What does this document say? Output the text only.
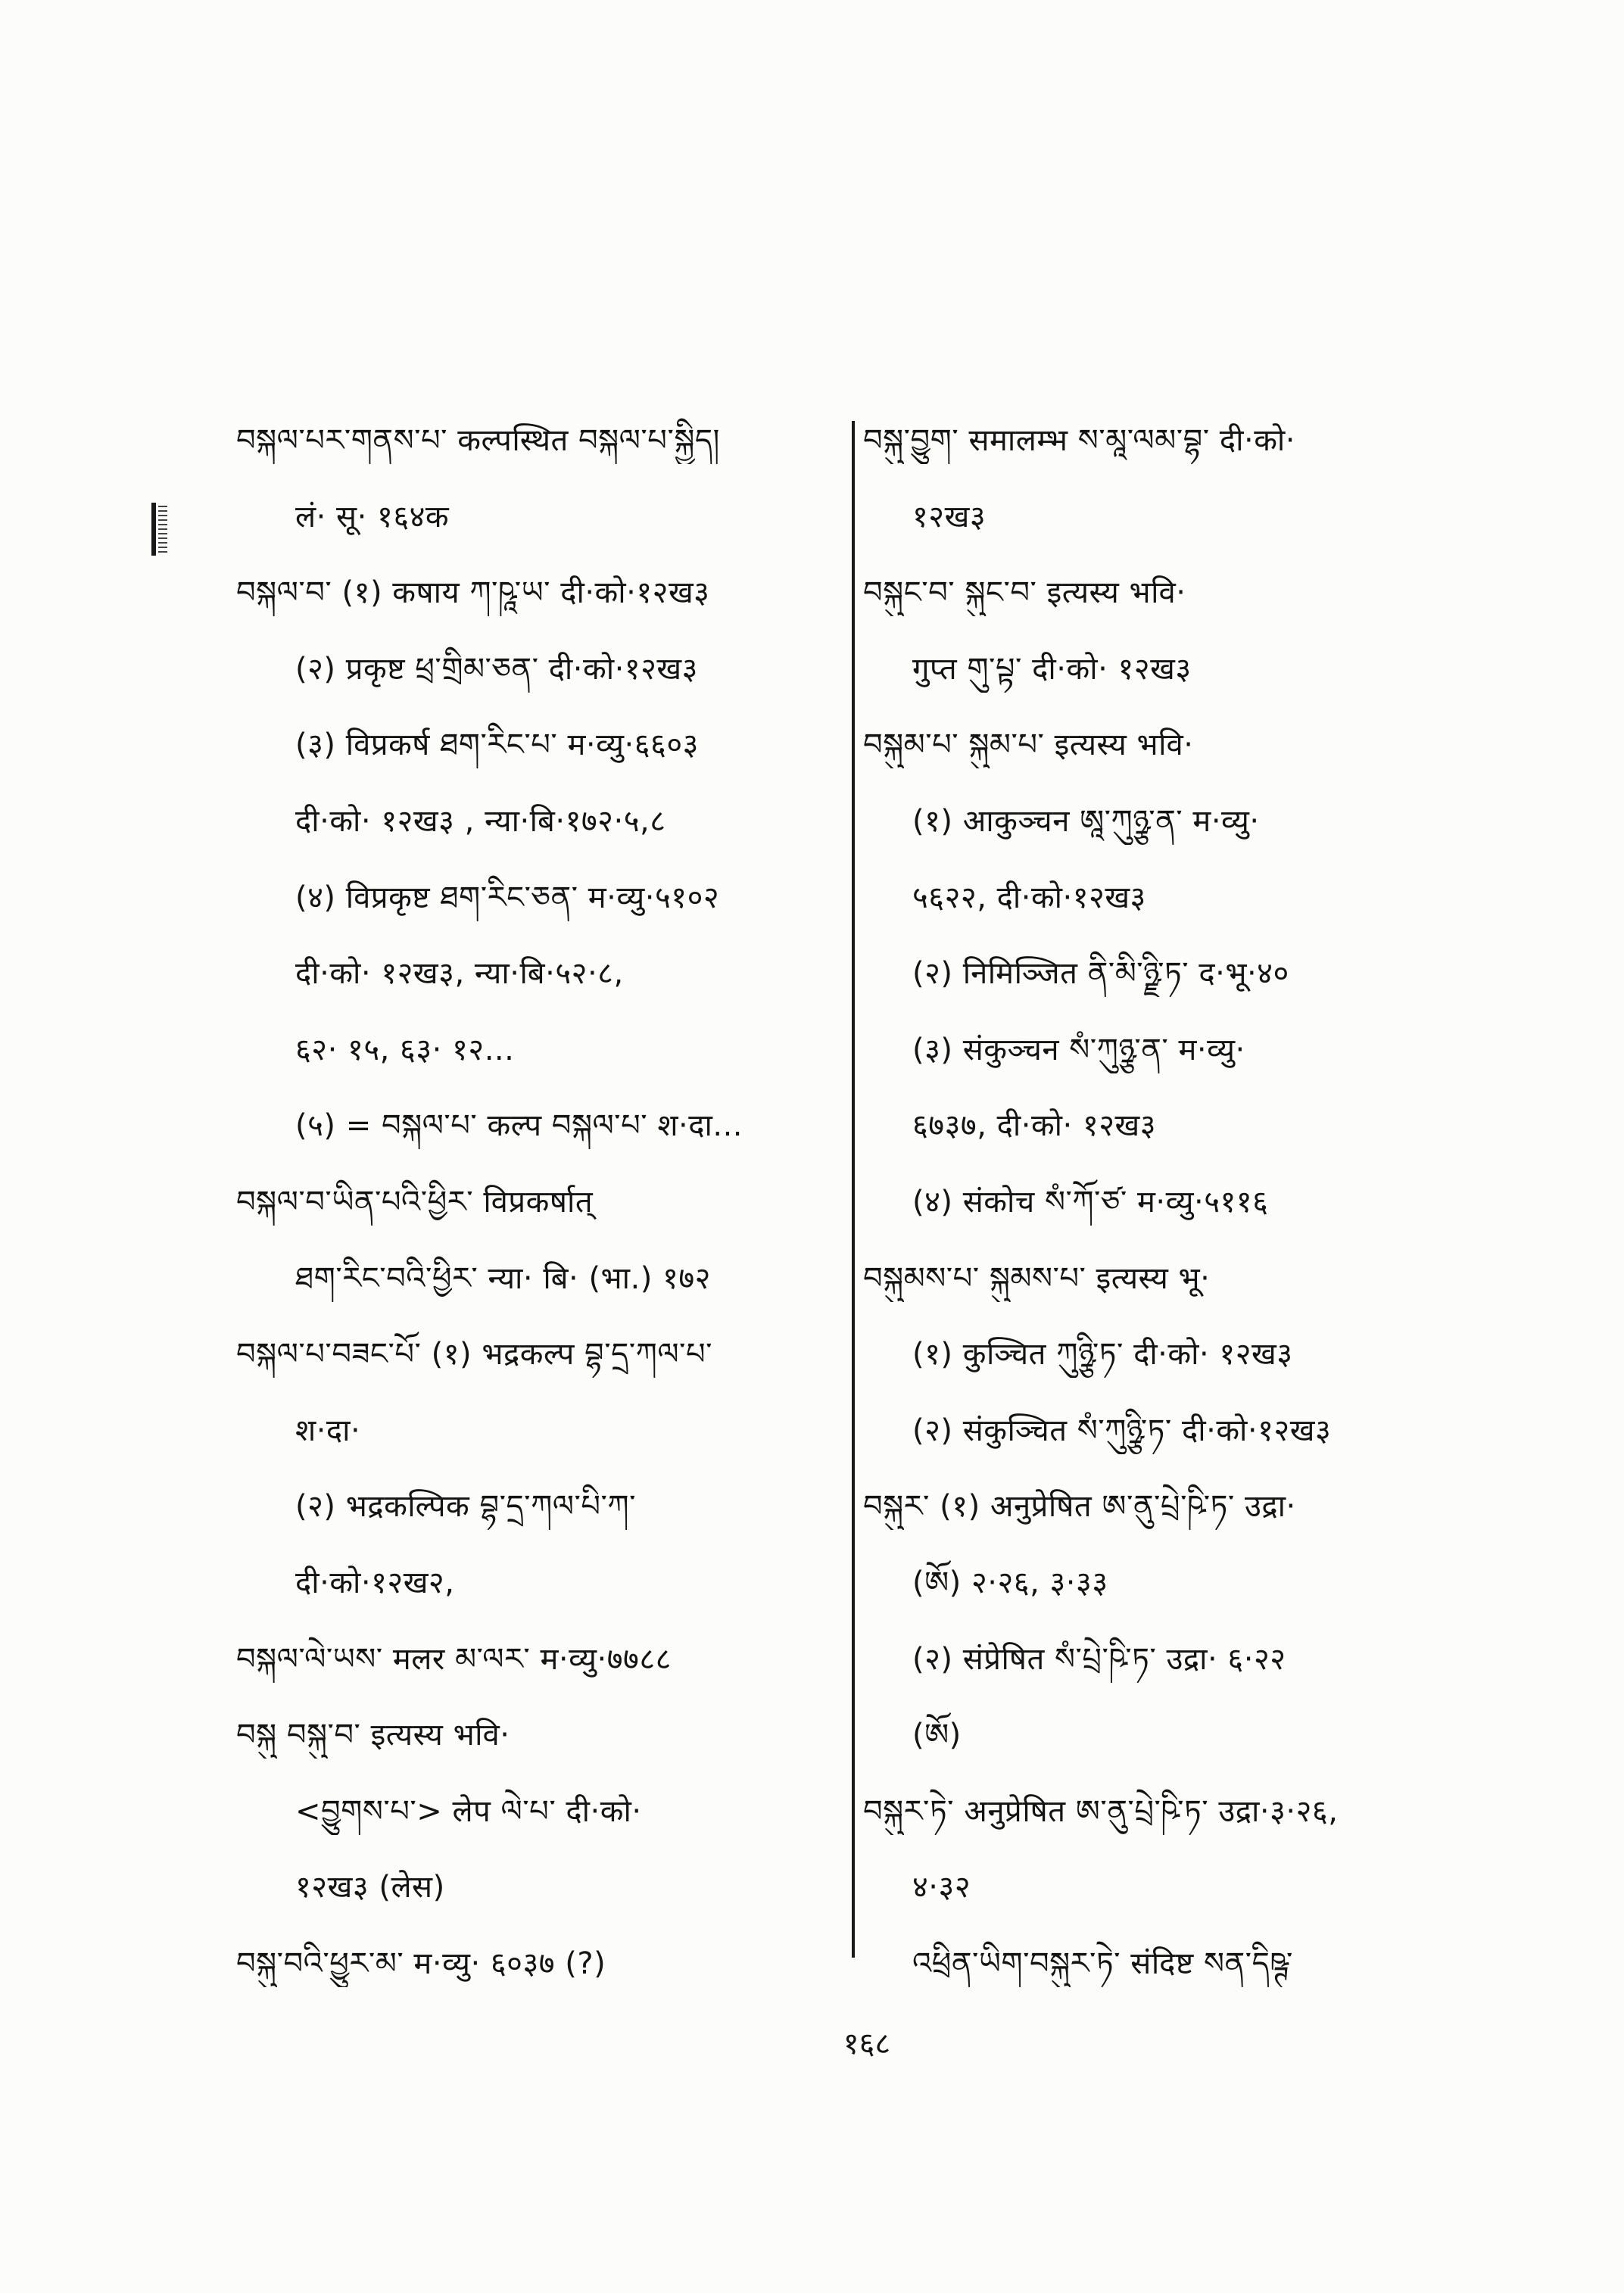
བསྐལ་པར་གནས་པ་ कल्पस्थित བསྐལ་པ་སྐྱིད།
लं· सू· १६४क
བསྐལ་བ་ (१) कषाय ཀ་ཥཱ་ཡ་ दी·को·१२ख३
(२) प्रकृष्ट ཕྲ་གྲིམ་ཅན་ दी·को·१२ख३
(३) विप्रकर्ष ཐག་རིང་པ་ म·व्यु·६६०३
दी·को· १२ख३ , न्या·बि·१७२·५,८
(४) विप्रकृष्ट ཐག་རིང་ཅན་ म·व्यु·५१०२
दी·को· १२ख३, न्या·बि·५२·८,
६२· १५, ६३· १२...
(५) = བསྐལ་པ་ कल्प བསྐལ་པ་ श·दा...
བསྐལ་བ་ཡིན་པའི་ཕྱིར་ विप्रकर्षात्
ཐག་རིང་བའི་ཕྱིར་ न्या· बि· (भा.) १७२
བསྐལ་པ་བཟང་པོ་ (१) भद्रकल्प བྷ་དྲ་ཀལ་པ་
श·दा·
(२) भद्रकल्पिक བྷ་དྲ་ཀལ་པི་ཀ་
दी·को·१२ख२,
བསྐལ་ལེ་ཡས་ मलर མ་ལར་ म·व्यु·७७८८
བསྐུ བསྐུ་བ་ इत्यस्य भवि·
<བྱུགས་པ་> लेप ལེ་པ་ दी·को·
१२ख३ (लेस)
བསྐུ་བའི་ཕྱུར་མ་ म·व्यु· ६०३७ (?)
བསྐུ་བྱུག་ समालम्भ ས་མཱ་ལམ་བྷ་ दी·को·
१२ख३
བསྐུང་བ་ སྐུང་བ་ इत्यस्य भवि·
गुप्त གུ་པྟ་ दी·को· १२ख३
བསྐུམ་པ་ སྐུམ་པ་ इत्यस्य भवि·
(१) आकुञ्चन ཨཱ་ཀུཉྩ་ན་ म·व्यु·
५६२२, दी·को·१२ख३
(२) निमिञ्जित ནི་མི་ཉྫི་ཏ་ द·भू·४०
(३) संकुञ्चन སཾ་ཀུཉྩ་ན་ म·व्यु·
६७३७, दी·को· १२ख३
(४) संकोच སཾ་ཀོ་ཙ་ म·व्यु·५११६
བསྐུམས་པ་ སྐུམས་པ་ इत्यस्य भू·
(१) कुञ्चित ཀུཉྩི་ཏ་ दी·को· १२ख३
(२) संकुञ्चित སཾ་ཀུཉྩི་ཏ་ दी·को·१२ख३
བསྐུར་ (१) अनुप्रेषित ཨ་ནུ་པྲེ་ཥི་ཏ་ उद्रा·
(ཨོ) २·२६, ३·३३
(२) संप्रेषित སཾ་པྲེ་ཥི་ཏ་ उद्रा· ६·२२
(ཨོ)
བསྐུར་ཏེ་ अनुप्रेषित ཨ་ནུ་པྲེ་ཥི་ཏ་ उद्रा·३·२६,
४·३२
འཕྲིན་ཡིག་བསྐུར་ཏེ་ संदिष्ट སན་དིཥྚ་
१६८
